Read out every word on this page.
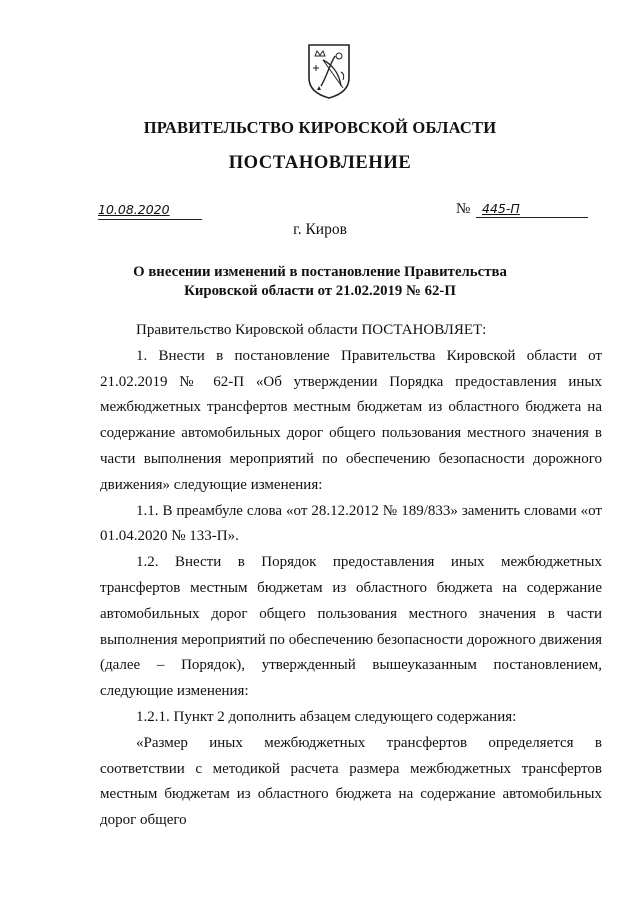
ПРАВИТЕЛЬСТВО КИРОВСКОЙ ОБЛАСТИ
ПОСТАНОВЛЕНИЕ
10.08.2020	№ 445-П
г. Киров
О внесении изменений в постановление Правительства
Кировской области от 21.02.2019 № 62-П

Правительство Кировской области ПОСТАНОВЛЯЕТ:

1. Внести в постановление Правительства Кировской области от 21.02.2019 № 62-П «Об утверждении Порядка предоставления иных межбюджетных трансфертов местным бюджетам из областного бюджета на содержание автомобильных дорог общего пользования местного значения в части выполнения мероприятий по обеспечению безопасности дорожного движения» следующие изменения:

1.1. В преамбуле слова «от 28.12.2012 № 189/833» заменить словами «от 01.04.2020 № 133-П».

1.2. Внести в Порядок предоставления иных межбюджетных трансфертов местным бюджетам из областного бюджета на содержание автомобильных дорог общего пользования местного значения в части выполнения мероприятий по обеспечению безопасности дорожного движения (далее – Порядок), утвержденный вышеуказанным постановлением, следующие изменения:

1.2.1. Пункт 2 дополнить абзацем следующего содержания:

«Размер иных межбюджетных трансфертов определяется в соответствии с методикой расчета размера межбюджетных трансфертов местным бюджетам из областного бюджета на содержание автомобильных дорог общего
